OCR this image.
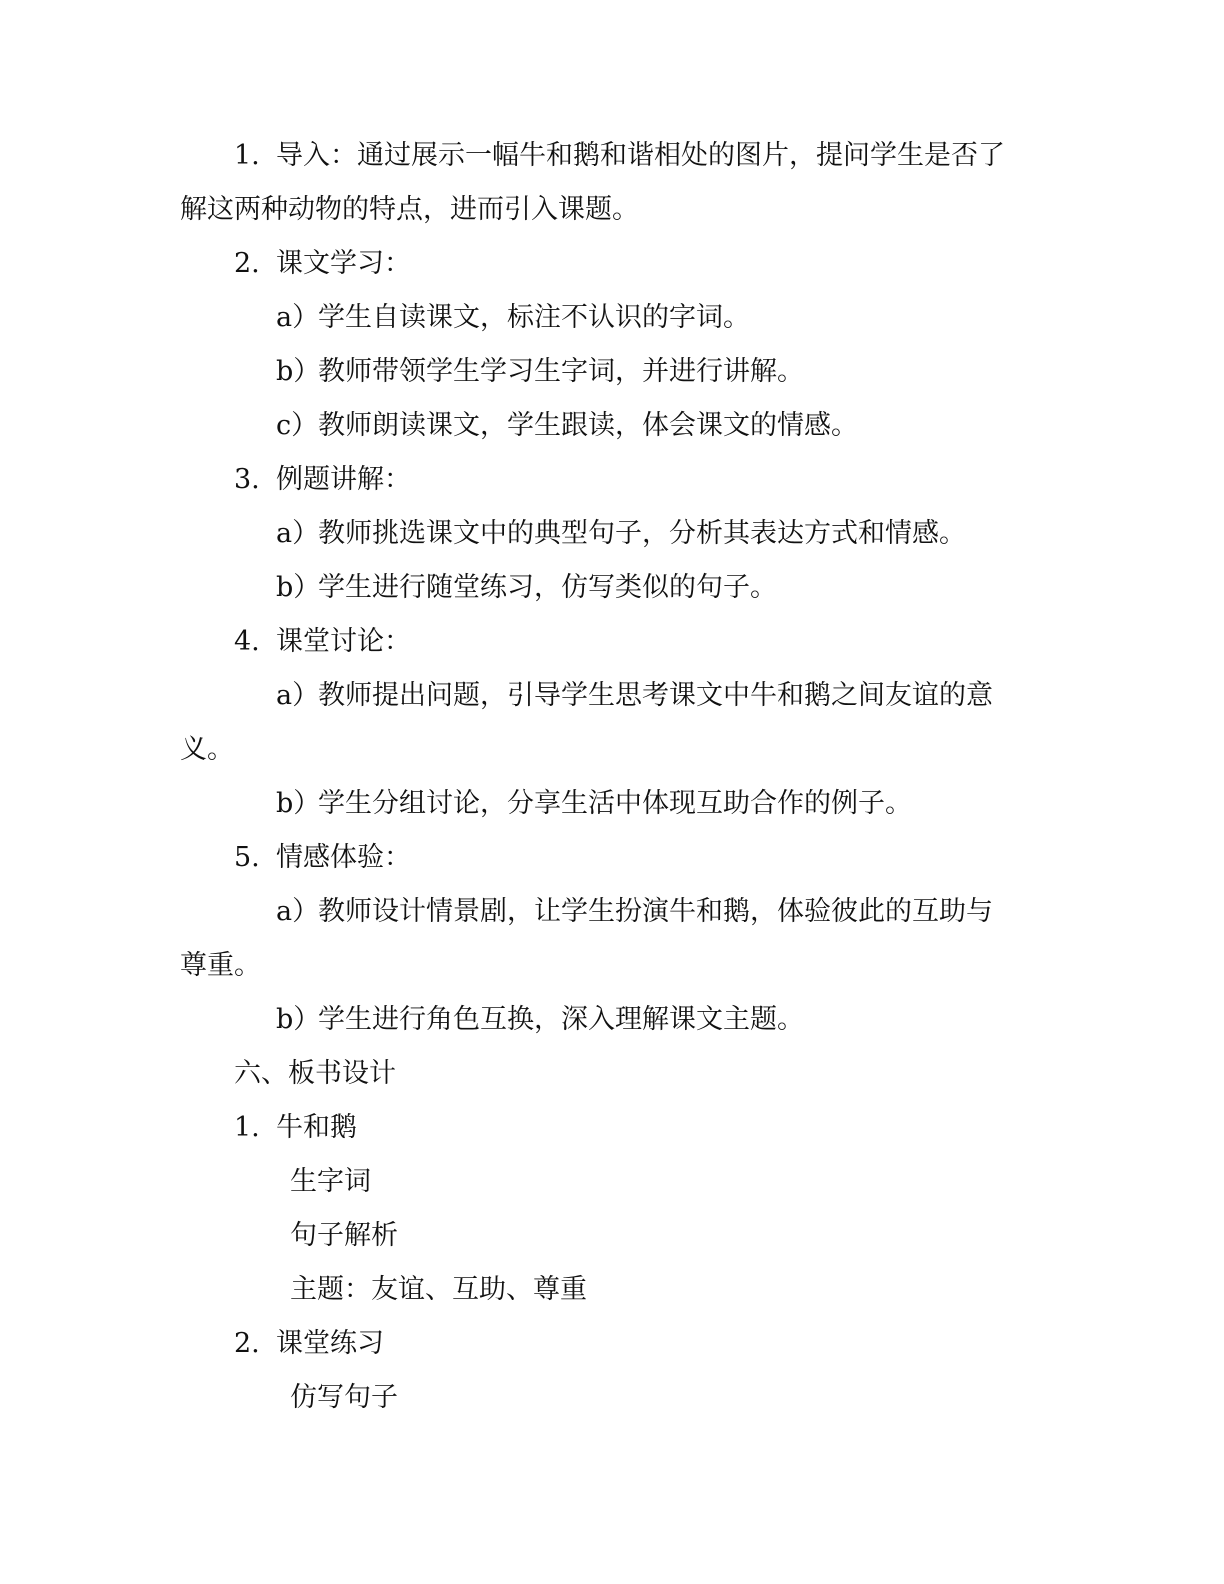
1. 导入：通过展示一幅牛和鹅和谐相处的图片，提问学生是否了
解这两种动物的特点，进而引入课题。
2. 课文学习：
a）学生自读课文，标注不认识的字词。
b）教师带领学生学习生字词，并进行讲解。
c）教师朗读课文，学生跟读，体会课文的情感。
3. 例题讲解：
a）教师挑选课文中的典型句子，分析其表达方式和情感。
b）学生进行随堂练习，仿写类似的句子。
4. 课堂讨论：
a）教师提出问题，引导学生思考课文中牛和鹅之间友谊的意
义。
b）学生分组讨论，分享生活中体现互助合作的例子。
5. 情感体验：
a）教师设计情景剧，让学生扮演牛和鹅，体验彼此的互助与
尊重。
b）学生进行角色互换，深入理解课文主题。
六、板书设计
1. 牛和鹅
生字词
句子解析
主题：友谊、互助、尊重
2. 课堂练习
仿写句子
